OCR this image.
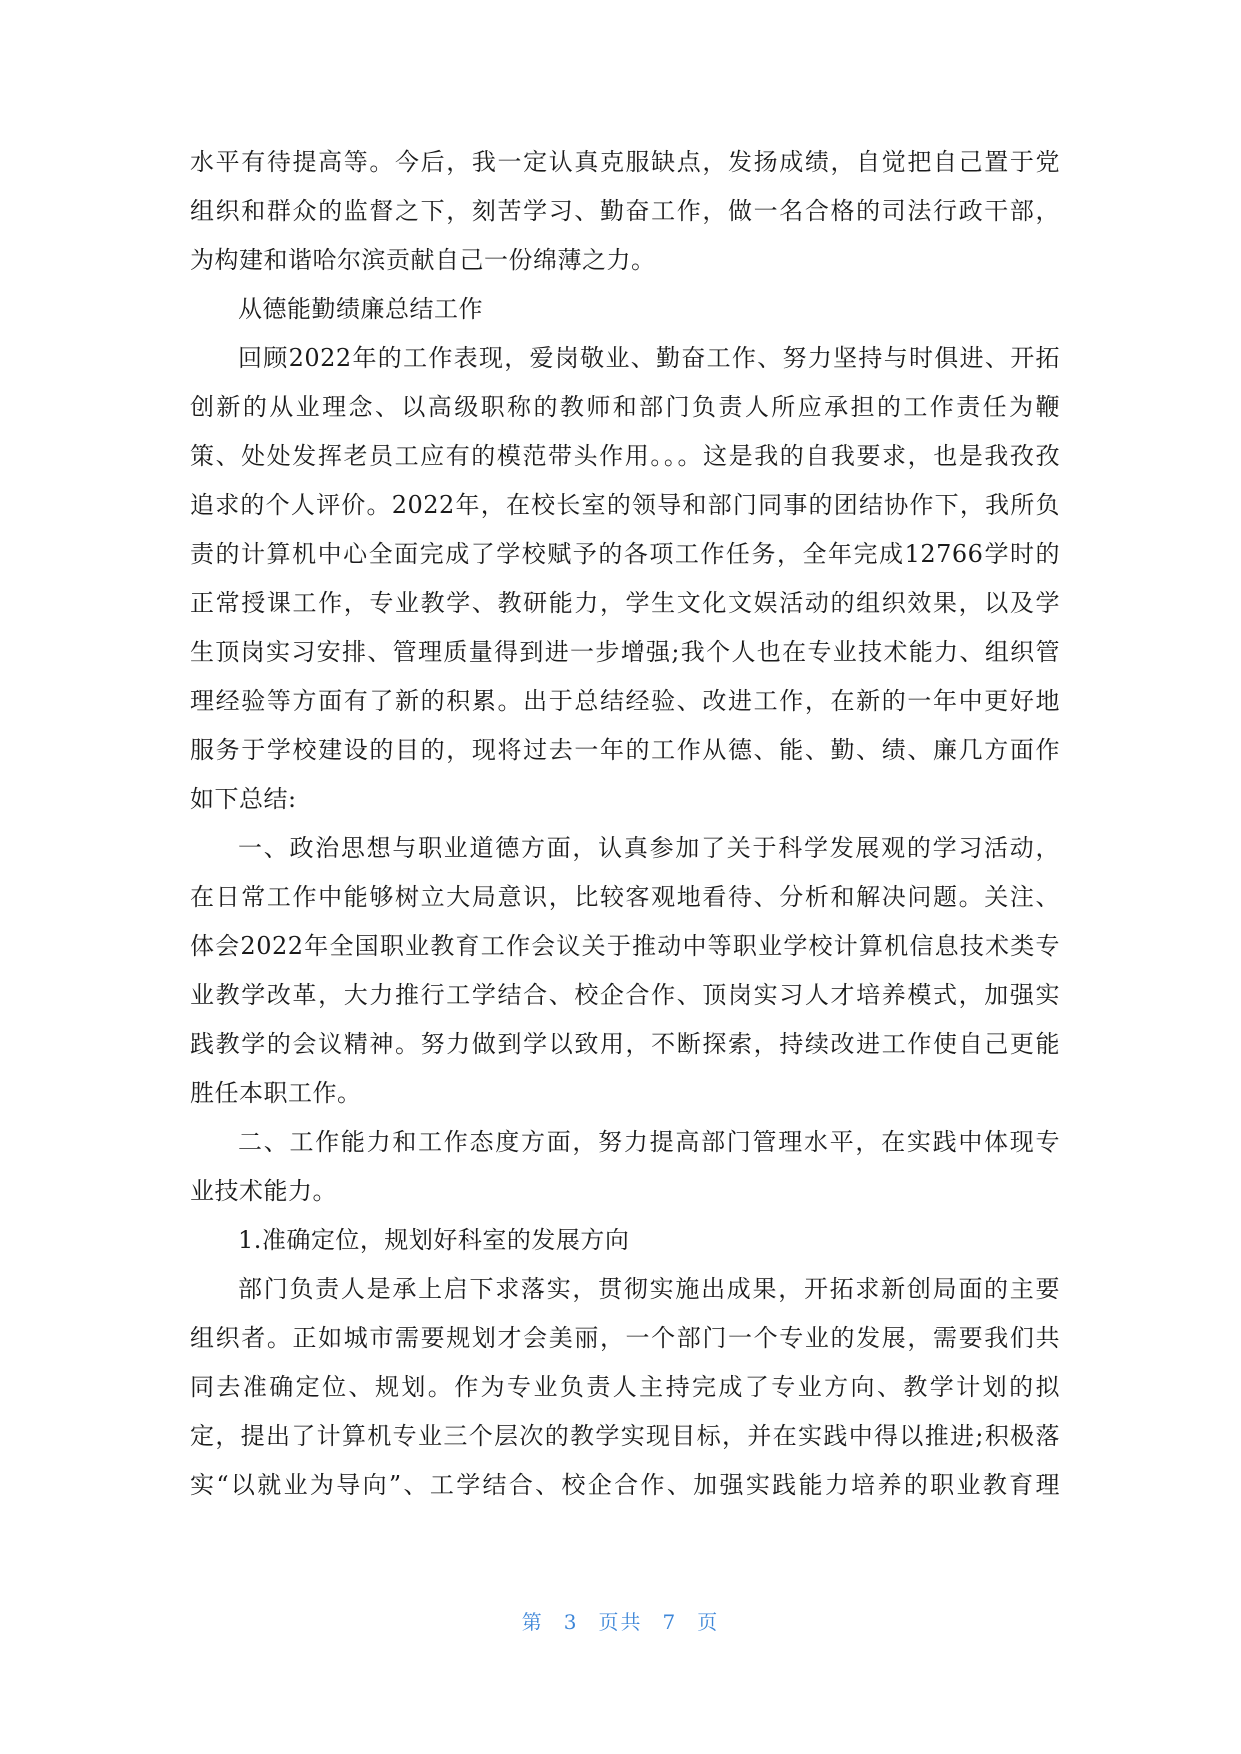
水平有待提高等。今后，我一定认真克服缺点，发扬成绩，自觉把自己置于党
组织和群众的监督之下，刻苦学习、勤奋工作，做一名合格的司法行政干部，
为构建和谐哈尔滨贡献自己一份绵薄之力。
从德能勤绩廉总结工作
回顾2022年的工作表现，爱岗敬业、勤奋工作、努力坚持与时俱进、开拓
创新的从业理念、以高级职称的教师和部门负责人所应承担的工作责任为鞭
策、处处发挥老员工应有的模范带头作用。。。这是我的自我要求，也是我孜孜
追求的个人评价。2022年，在校长室的领导和部门同事的团结协作下，我所负
责的计算机中心全面完成了学校赋予的各项工作任务，全年完成12766学时的
正常授课工作，专业教学、教研能力，学生文化文娱活动的组织效果，以及学
生顶岗实习安排、管理质量得到进一步增强;我个人也在专业技术能力、组织管
理经验等方面有了新的积累。出于总结经验、改进工作，在新的一年中更好地
服务于学校建设的目的，现将过去一年的工作从德、能、勤、绩、廉几方面作
如下总结:
一、政治思想与职业道德方面，认真参加了关于科学发展观的学习活动，
在日常工作中能够树立大局意识，比较客观地看待、分析和解决问题。关注、
体会2022年全国职业教育工作会议关于推动中等职业学校计算机信息技术类专
业教学改革，大力推行工学结合、校企合作、顶岗实习人才培养模式，加强实
践教学的会议精神。努力做到学以致用，不断探索，持续改进工作使自己更能
胜任本职工作。
二、工作能力和工作态度方面，努力提高部门管理水平，在实践中体现专
业技术能力。
1.准确定位，规划好科室的发展方向
部门负责人是承上启下求落实，贯彻实施出成果，开拓求新创局面的主要
组织者。正如城市需要规划才会美丽，一个部门一个专业的发展，需要我们共
同去准确定位、规划。作为专业负责人主持完成了专业方向、教学计划的拟
定，提出了计算机专业三个层次的教学实现目标，并在实践中得以推进;积极落
实“以就业为导向”、工学结合、校企合作、加强实践能力培养的职业教育理
第 3 页共 7 页
